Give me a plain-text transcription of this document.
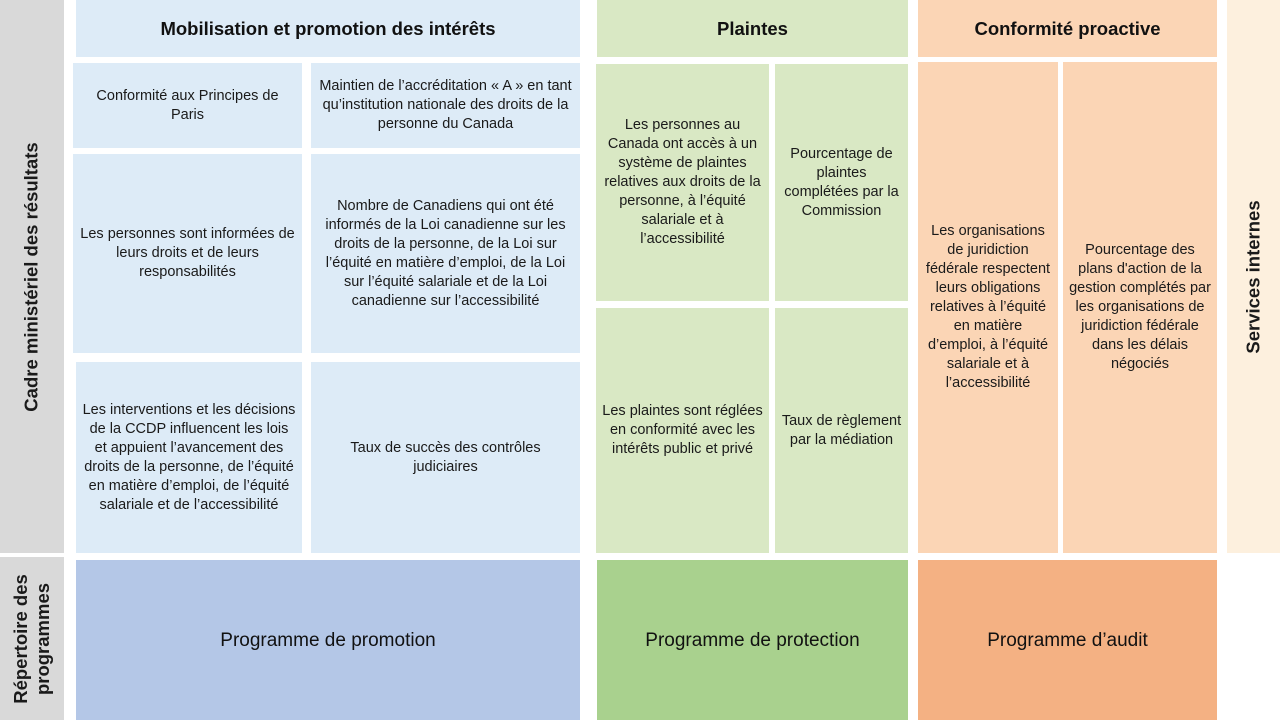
Cadre ministériel des résultats
Répertoire des programmes
Mobilisation et promotion des intérêts
Conformité aux Principes de Paris
Maintien de l’accréditation « A » en tant qu’institution nationale des droits de la personne du Canada
Les personnes sont informées de leurs droits et de leurs responsabilités
Nombre de Canadiens qui ont été informés de la Loi canadienne sur les droits de la personne, de la Loi sur l’équité en matière d’emploi, de la Loi sur l’équité salariale et de la Loi canadienne sur l’accessibilité
Les interventions et les décisions de la CCDP influencent les lois et appuient l’avancement des droits de la personne, de l’équité en matière d’emploi, de l’équité salariale et de l’accessibilité
Taux de succès des contrôles judiciaires
Programme de promotion
Plaintes
Les personnes au Canada ont accès à un système de plaintes relatives aux droits de la personne, à l’équité salariale et à l’accessibilité
Pourcentage de plaintes complétées par la Commission
Les plaintes sont réglées en conformité avec les intérêts public et privé
Taux de règlement par la médiation
Programme de protection
Conformité proactive
Les organisations de juridiction fédérale respectent leurs obligations relatives à l’équité en matière d’emploi, à l’équité salariale et à l’accessibilité
Pourcentage des plans d'action de la gestion complétés par les organisations de juridiction fédérale dans les délais négociés
Programme d’audit
Services internes
